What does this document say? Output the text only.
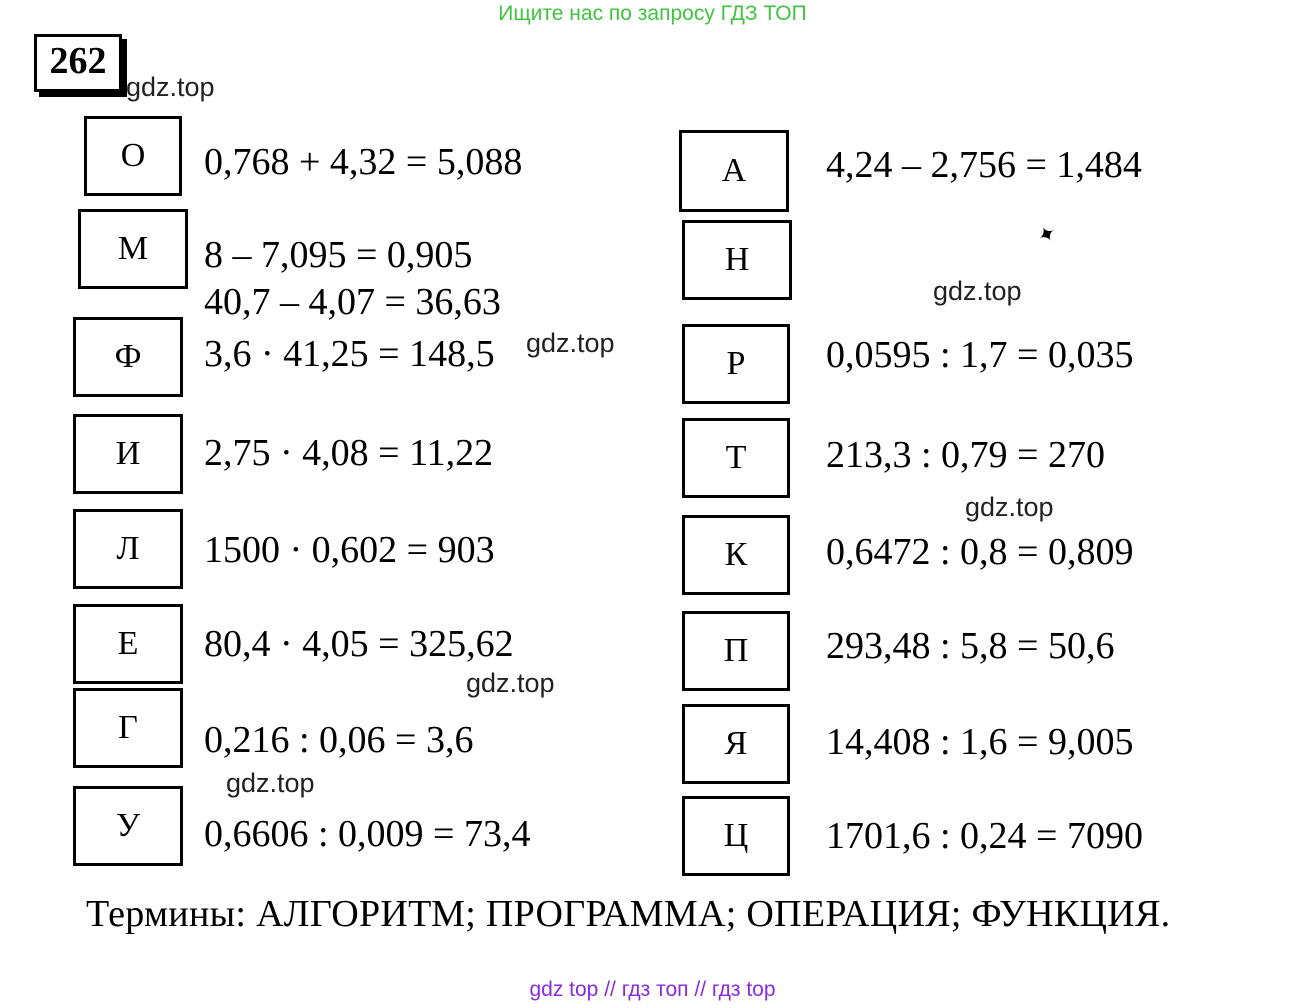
Ищите нас по запросу ГДЗ ТОП
262
gdz.top
gdz.top
gdz.top
gdz.top
gdz.top
gdz.top
О	0,768 + 4,32 = 5,088
М	8 – 7,095 = 0,905
40,7 – 4,07 = 36,63
Ф	3,6 · 41,25 = 148,5
И	2,75 · 4,08 = 11,22
Л	1500 · 0,602 = 903
Е	80,4 · 4,05 = 325,62
Г	0,216 : 0,06 = 3,6
У	0,6606 : 0,009 = 73,4
А	4,24 – 2,756 = 1,484
Н
✦
Р	0,0595 : 1,7 = 0,035
Т	213,3 : 0,79 = 270
К	0,6472 : 0,8 = 0,809
П	293,48 : 5,8 = 50,6
Я	14,408 : 1,6 = 9,005
Ц	1701,6 : 0,24 = 7090
Термины: АЛГОРИТМ; ПРОГРАММА; ОПЕРАЦИЯ; ФУНКЦИЯ.
gdz top // гдз топ // гдз top
